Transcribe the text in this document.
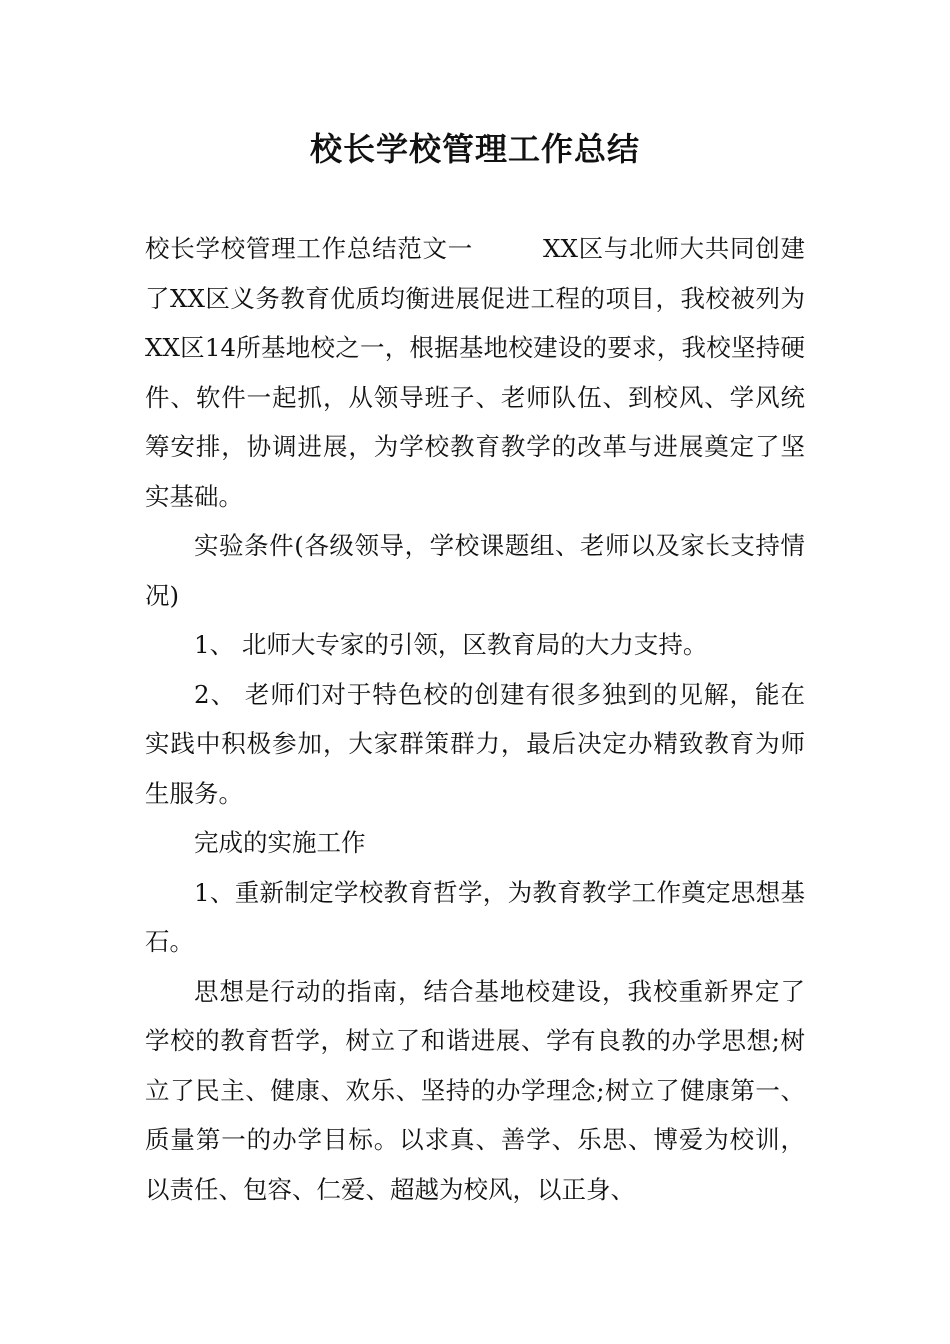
校长学校管理工作总结

校长学校管理工作总结范文一	XX区与北师大共同创建了XX区义务教育优质均衡进展促进工程的项目，我校被列为XX区14所基地校之一，根据基地校建设的要求，我校坚持硬件、软件一起抓，从领导班子、老师队伍、到校风、学风统筹安排，协调进展，为学校教育教学的改革与进展奠定了坚实基础。

实验条件(各级领导，学校课题组、老师以及家长支持情况)

1、 北师大专家的引领，区教育局的大力支持。

2、 老师们对于特色校的创建有很多独到的见解，能在实践中积极参加，大家群策群力，最后决定办精致教育为师生服务。

完成的实施工作

1、重新制定学校教育哲学，为教育教学工作奠定思想基石。

思想是行动的指南，结合基地校建设，我校重新界定了学校的教育哲学，树立了和谐进展、学有良教的办学思想;树立了民主、健康、欢乐、坚持的办学理念;树立了健康第一、质量第一的办学目标。以求真、善学、乐思、博爱为校训，以责任、包容、仁爱、超越为校风，以正身、
